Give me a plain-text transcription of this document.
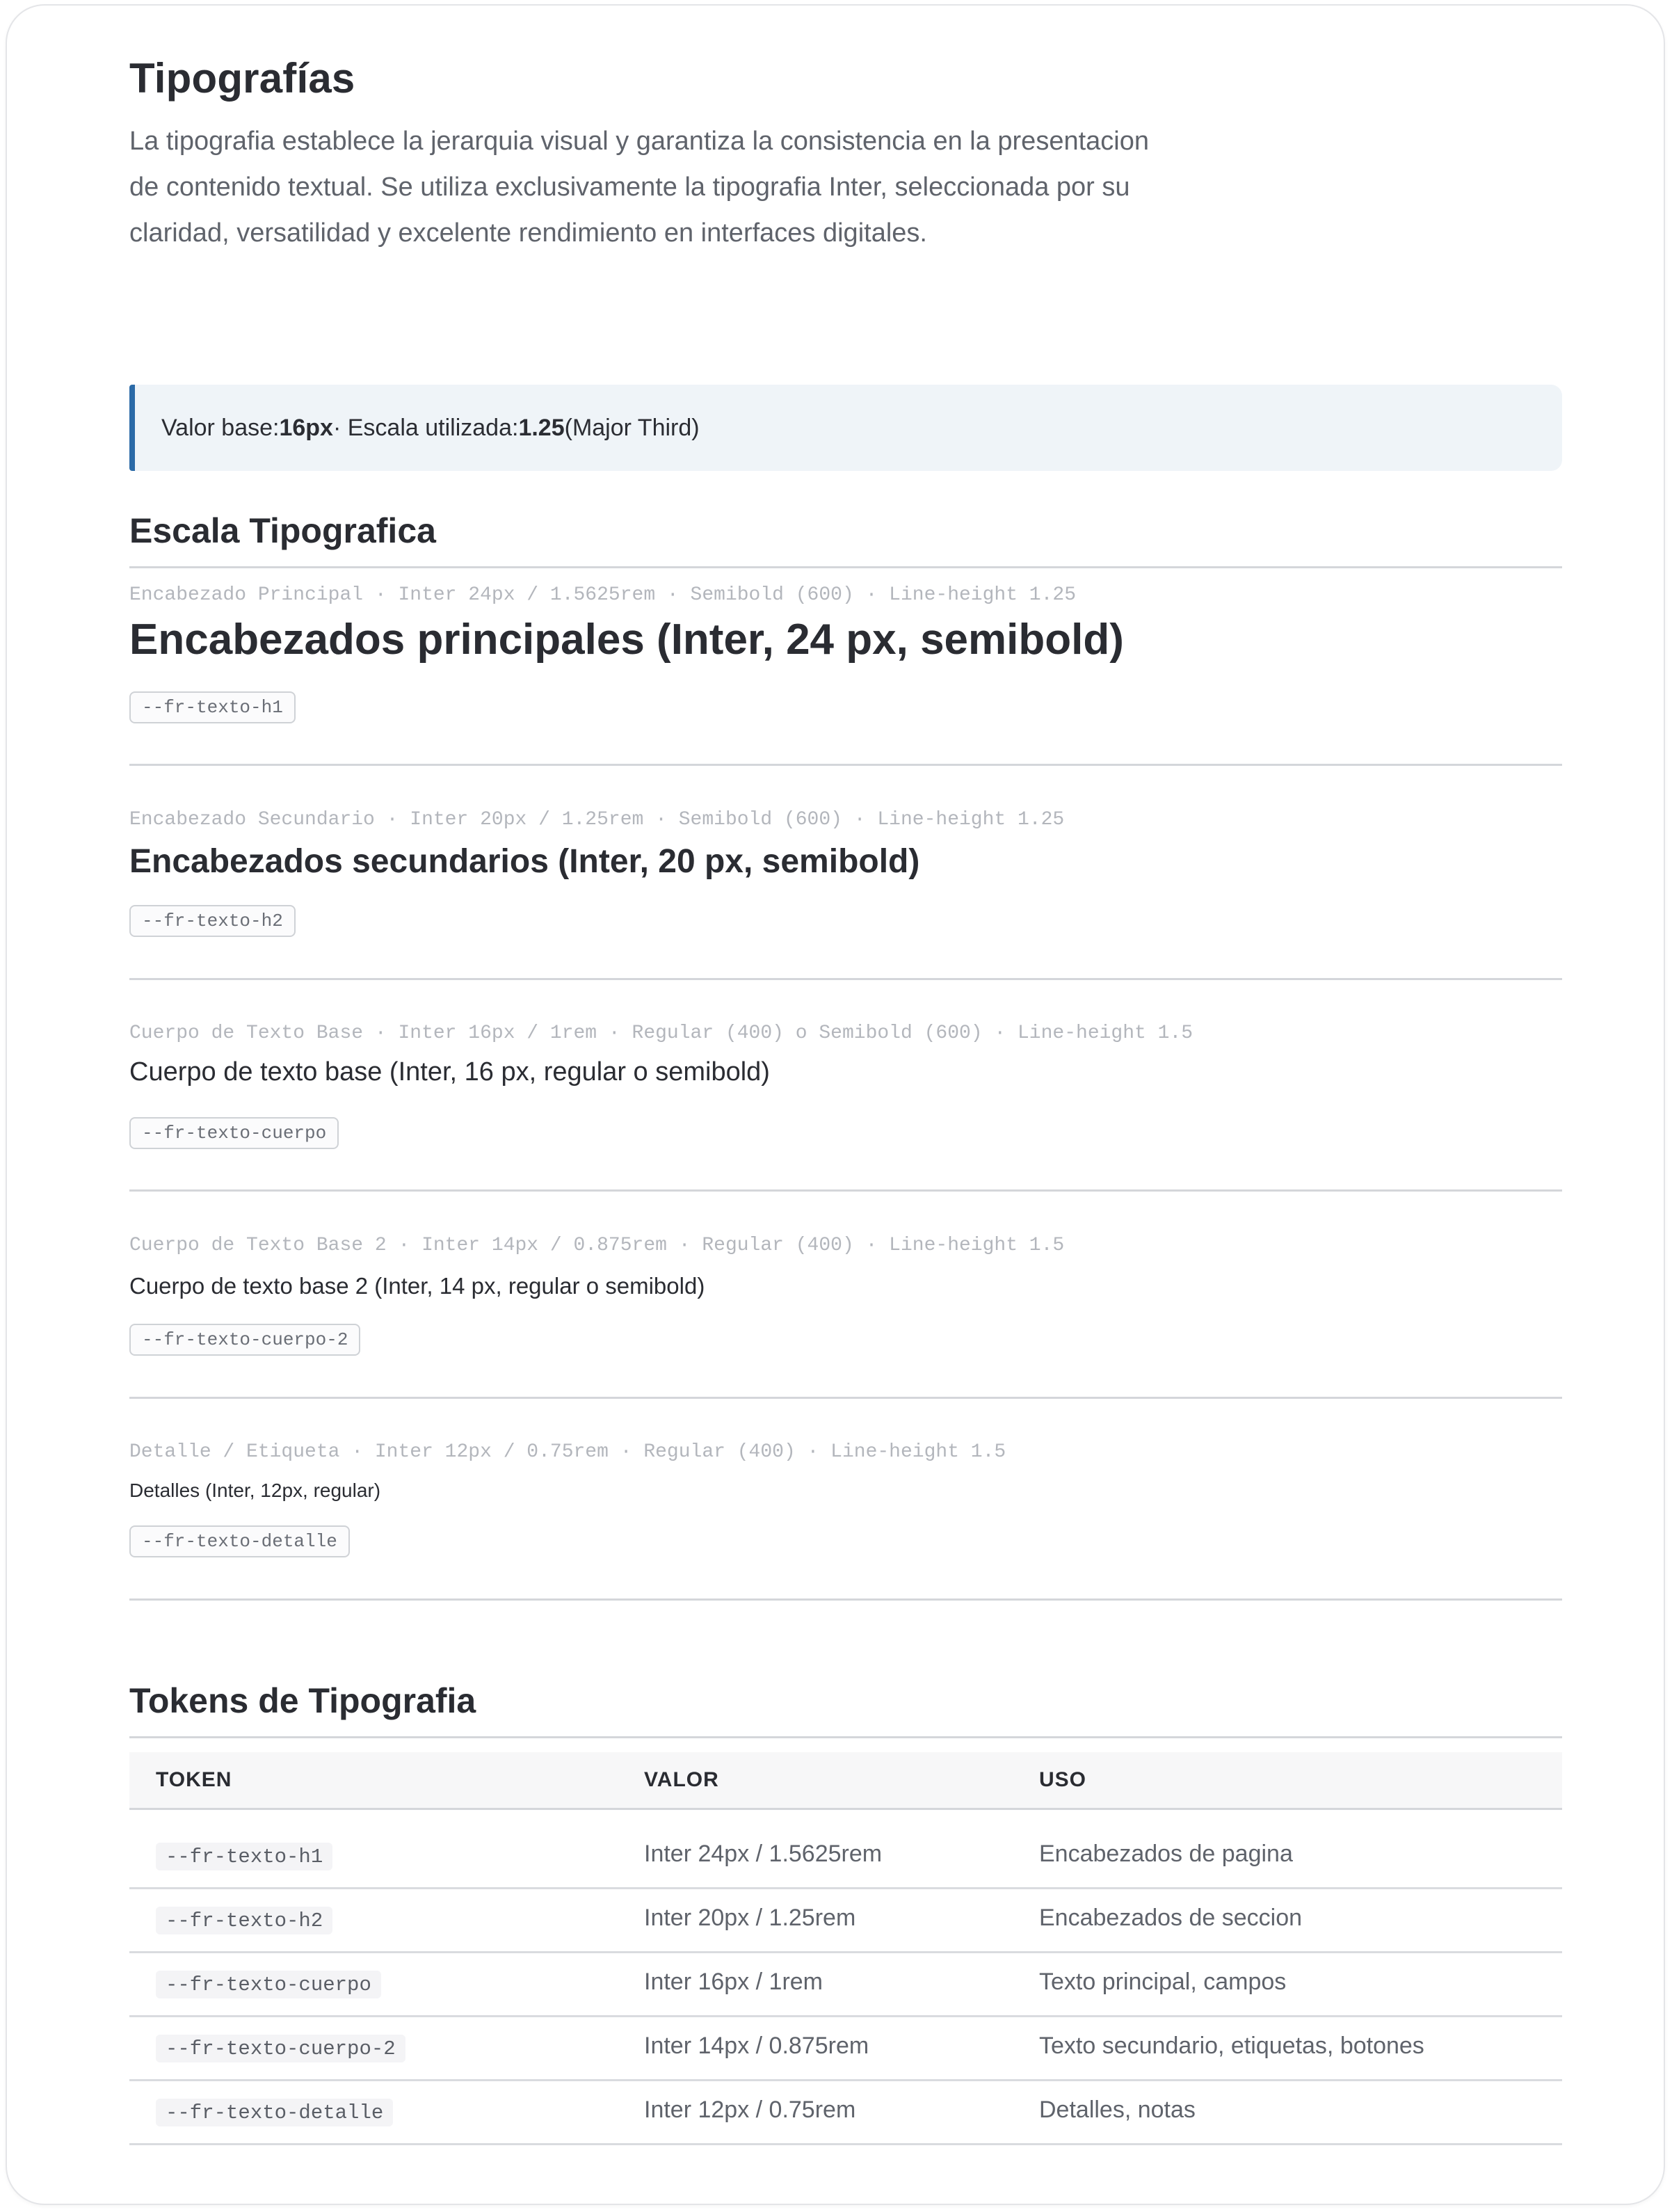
Tipografías

La tipografia establece la jerarquia visual y garantiza la consistencia en la presentacion de contenido textual. Se utiliza exclusivamente la tipografia Inter, seleccionada por su claridad, versatilidad y excelente rendimiento en interfaces digitales.

Valor base: 16px · Escala utilizada: 1.25 (Major Third)
Escala Tipografica
Encabezado Principal · Inter 24px / 1.5625rem · Semibold (600) · Line-height 1.25
Encabezados principales (Inter, 24 px, semibold)
--fr-texto-h1
Encabezado Secundario · Inter 20px / 1.25rem · Semibold (600) · Line-height 1.25
Encabezados secundarios (Inter, 20 px, semibold)
--fr-texto-h2
Cuerpo de Texto Base · Inter 16px / 1rem · Regular (400) o Semibold (600) · Line-height 1.5
Cuerpo de texto base (Inter, 16 px, regular o semibold)
--fr-texto-cuerpo
Cuerpo de Texto Base 2 · Inter 14px / 0.875rem · Regular (400) · Line-height 1.5
Cuerpo de texto base 2 (Inter, 14 px, regular o semibold)
--fr-texto-cuerpo-2
Detalle / Etiqueta · Inter 12px / 0.75rem · Regular (400) · Line-height 1.5
Detalles (Inter, 12px, regular)
--fr-texto-detalle
Tokens de Tipografia
TOKEN	VALOR	USO
--fr-texto-h1	Inter 24px / 1.5625rem	Encabezados de pagina
--fr-texto-h2	Inter 20px / 1.25rem	Encabezados de seccion
--fr-texto-cuerpo	Inter 16px / 1rem	Texto principal, campos
--fr-texto-cuerpo-2	Inter 14px / 0.875rem	Texto secundario, etiquetas, botones
--fr-texto-detalle	Inter 12px / 0.75rem	Detalles, notas
